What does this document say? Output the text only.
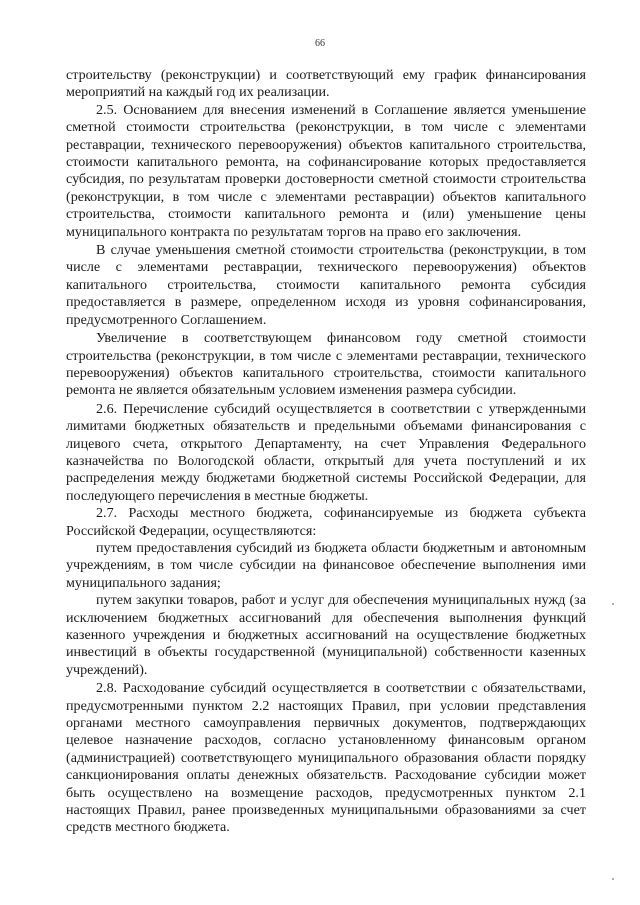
66

строительству (реконструкции) и соответствующий ему график финансирования мероприятий на каждый год их реализации.

2.5. Основанием для внесения изменений в Соглашение является уменьшение сметной стоимости строительства (реконструкции, в том числе с элементами реставрации, технического перевооружения) объектов капитального строительства, стоимости капитального ремонта, на софинансирование которых предоставляется субсидия, по результатам проверки достоверности сметной стоимости строительства (реконструкции, в том числе с элементами реставрации) объектов капитального строительства, стоимости капитального ремонта и (или) уменьшение цены муниципального контракта по результатам торгов на право его заключения.

В случае уменьшения сметной стоимости строительства (реконструкции, в том числе с элементами реставрации, технического перевооружения) объектов капитального строительства, стоимости капитального ремонта субсидия предоставляется в размере, определенном исходя из уровня софинансирования, предусмотренного Соглашением.

Увеличение в соответствующем финансовом году сметной стоимости строительства (реконструкции, в том числе с элементами реставрации, технического перевооружения) объектов капитального строительства, стоимости капитального ремонта не является обязательным условием изменения размера субсидии.

2.6. Перечисление субсидий осуществляется в соответствии с утвержденными лимитами бюджетных обязательств и предельными объемами финансирования с лицевого счета, открытого Департаменту, на счет Управления Федерального казначейства по Вологодской области, открытый для учета поступлений и их распределения между бюджетами бюджетной системы Российской Федерации, для последующего перечисления в местные бюджеты.

2.7. Расходы местного бюджета, софинансируемые из бюджета субъекта Российской Федерации, осуществляются:

путем предоставления субсидий из бюджета области бюджетным и автономным учреждениям, в том числе субсидии на финансовое обеспечение выполнения ими муниципального задания;

путем закупки товаров, работ и услуг для обеспечения муниципальных нужд (за исключением бюджетных ассигнований для обеспечения выполнения функций казенного учреждения и бюджетных ассигнований на осуществление бюджетных инвестиций в объекты государственной (муниципальной) собственности казенных учреждений).

2.8. Расходование субсидий осуществляется в соответствии с обязательствами, предусмотренными пунктом 2.2 настоящих Правил, при условии представления органами местного самоуправления первичных документов, подтверждающих целевое назначение расходов, согласно установленному финансовым органом (администрацией) соответствующего муниципального образования области порядку санкционирования оплаты денежных обязательств. Расходование субсидии может быть осуществлено на возмещение расходов, предусмотренных пунктом 2.1 настоящих Правил, ранее произведенных муниципальными образованиями за счет средств местного бюджета.
